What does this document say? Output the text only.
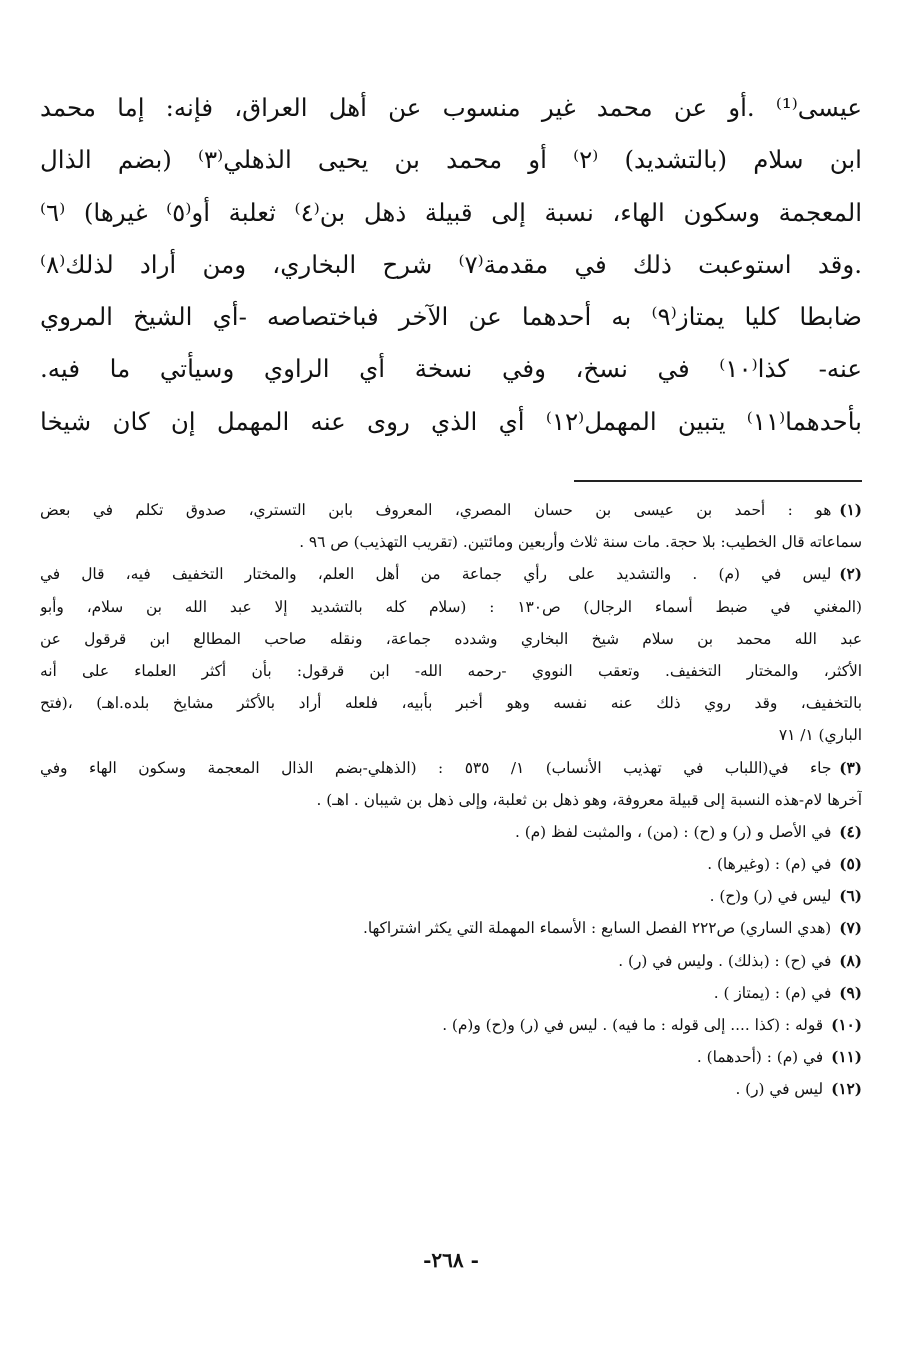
عيسى⁽¹⁾ .أو عن محمد غير منسوب عن أهل العراق، فإنه: إما محمد
ابن سلام (بالتشديد) ⁽٢⁾ أو محمد بن يحيى الذهلي⁽٣⁾ (بضم الذال
المعجمة وسكون الهاء، نسبة إلى قبيلة ذهل بن⁽٤⁾ ثعلبة أو⁽٥⁾ غيرها) ⁽٦⁾
.وقد استوعبت ذلك في مقدمة⁽٧⁾ شرح البخاري، ومن أراد لذلك⁽٨⁾
ضابطا كليا يمتاز⁽٩⁾ به أحدهما عن الآخر فباختصاصه -أي الشيخ المروي
عنه- كذا⁽١٠⁾ في نسخ، وفي نسخة أي الراوي وسيأتي ما فيه.
بأحدهما⁽١١⁾ يتبين المهمل⁽١٢⁾ أي الذي روى عنه المهمل إن كان شيخا
(١)هو : أحمد بن عيسى بن حسان المصري، المعروف بابن التستري، صدوق تكلم في بعض
سماعاته قال الخطيب: بلا حجة. مات سنة ثلاث وأربعين ومائتين. (تقريب التهذيب) ص ٩٦ .
(٢)ليس في (م) . والتشديد على رأي جماعة من أهل العلم، والمختار التخفيف فيه، قال في
(المغني في ضبط أسماء الرجال) ص١٣٠ : (سلام كله بالتشديد إلا عبد الله بن سلام، وأبو
عبد الله محمد بن سلام شيخ البخاري وشدده جماعة، ونقله صاحب المطالع ابن قرقول عن
الأكثر، والمختار التخفيف. وتعقب النووي -رحمه الله- ابن قرقول: بأن أكثر العلماء على أنه
بالتخفيف، وقد روي ذلك عنه نفسه وهو أخبر بأبيه، فلعله أراد بالأكثر مشايخ بلده.اهـ) ،(فتح
الباري) ١/ ٧١
(٣)جاء في(اللباب في تهذيب الأنساب) ١/ ٥٣٥ : (الذهلي-بضم الذال المعجمة وسكون الهاء وفي
آخرها لام-هذه النسبة إلى قبيلة معروفة، وهو ذهل بن ثعلبة، وإلى ذهل بن شيبان . اهـ) .
(٤)في الأصل و (ر) و (ح) : (من) ، والمثبت لفظ (م) .
(٥)في (م) : (وغيرها) .
(٦)ليس في (ر) و(ح) .
(٧)(هدي الساري) ص٢٢٢ الفصل السابع : الأسماء المهملة التي يكثر اشتراكها.
(٨)في (ح) : (بذلك) . وليس في (ر) .
(٩)في (م) : (يمتاز ) .
(١٠)قوله : (كذا .... إلى قوله : ما فيه) . ليس في (ر) و(ح) و(م) .
(١١)في (م) : (أحدهما) .
(١٢)ليس في (ر) .
- ٢٦٨-
